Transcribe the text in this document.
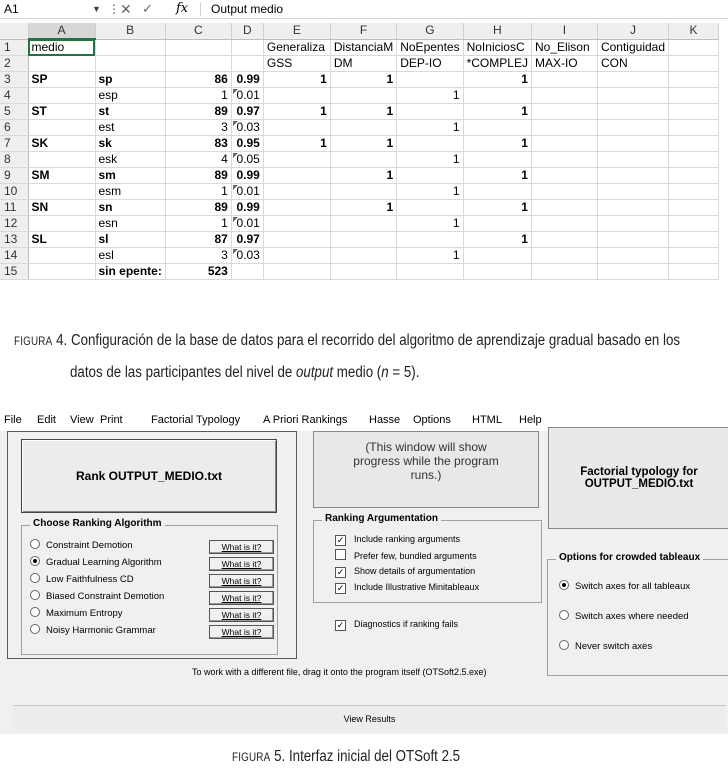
A1	▼ ⋮ ✕ ✓ fx Output medio
	A	B	C	D	E	F	G	H	I	J	K
1	medio				Generaliza	DistanciaM	NoEpentes	NoIniciosC	No_Elison	Contiguidad	
2					GSS	DM	DEP-IO	*COMPLEJ	MAX-IO	CON	
3	SP	sp	86	0.99	1	1		1			
4		esp	1	0.01			1				
5	ST	st	89	0.97	1	1		1			
6		est	3	0.03			1				
7	SK	sk	83	0.95	1	1		1			
8		esk	4	0.05			1				
9	SM	sm	89	0.99		1		1			
10		esm	1	0.01			1				
11	SN	sn	89	0.99		1		1			
12		esn	1	0.01			1				
13	SL	sl	87	0.97				1			
14		esl	3	0.03			1				
15		sin epente:	523								
FIGURA 4. Configuración de la base de datos para el recorrido del algoritmo de aprendizaje gradual basado en los
datos de las participantes del nivel de output medio (n = 5).
File Edit View Print	Factorial Typology A Priori Rankings Hasse Options HTML Help
Rank OUTPUT_MEDIO.txt
Choose Ranking Algorithm
Constraint Demotion	What is it?
Gradual Learning Algorithm	What is it?
Low Faithfulness CD	What is it?
Biased Constraint Demotion	What is it?
Maximum Entropy	What is it?
Noisy Harmonic Grammar	What is it?
(This window will show
progress while the program
runs.)
Ranking Argumentation
✓ Include ranking arguments
Prefer few, bundled arguments
✓ Show details of argumentation
✓ Include Illustrative Minitableaux
✓ Diagnostics if ranking fails
Factorial typology for OUTPUT_MEDIO.txt
Options for crowded tableaux
Switch axes for all tableaux
Switch axes where needed
Never switch axes
To work with a different file, drag it onto the program itself (OTSoft2.5.exe)
View Results
FIGURA 5. Interfaz inicial del OTSoft 2.5
